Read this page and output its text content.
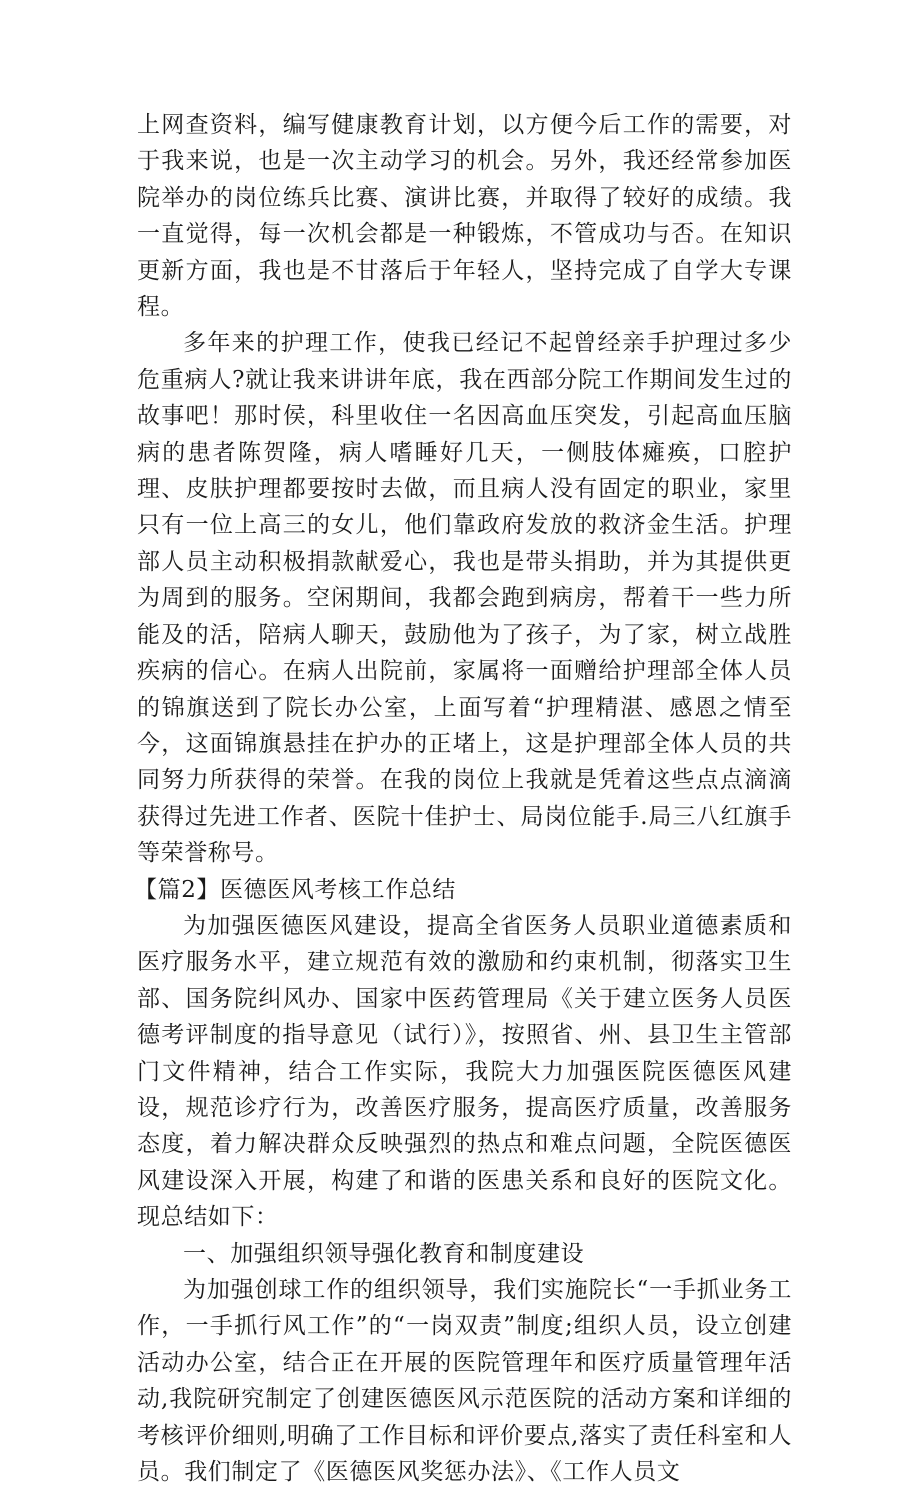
上网查资料，编写健康教育计划，以方便今后工作的需要，对于我来说，也是一次主动学习的机会。另外，我还经常参加医院举办的岗位练兵比赛、演讲比赛，并取得了较好的成绩。我一直觉得，每一次机会都是一种锻炼，不管成功与否。在知识更新方面，我也是不甘落后于年轻人，坚持完成了自学大专课程。

多年来的护理工作，使我已经记不起曾经亲手护理过多少危重病人?就让我来讲讲年底，我在西部分院工作期间发生过的故事吧！那时侯，科里收住一名因高血压突发，引起高血压脑病的患者陈贺隆，病人嗜睡好几天，一侧肢体瘫痪，口腔护理、皮肤护理都要按时去做，而且病人没有固定的职业，家里只有一位上高三的女儿，他们靠政府发放的救济金生活。护理部人员主动积极捐款献爱心，我也是带头捐助，并为其提供更为周到的服务。空闲期间，我都会跑到病房，帮着干一些力所能及的活，陪病人聊天，鼓励他为了孩子，为了家，树立战胜疾病的信心。在病人出院前，家属将一面赠给护理部全体人员的锦旗送到了院长办公室，上面写着“护理精湛、感恩之情至今，这面锦旗悬挂在护办的正堵上，这是护理部全体人员的共同努力所获得的荣誉。在我的岗位上我就是凭着这些点点滴滴获得过先进工作者、医院十佳护士、局岗位能手.局三八红旗手等荣誉称号。

【篇2】医德医风考核工作总结

为加强医德医风建设，提高全省医务人员职业道德素质和医疗服务水平，建立规范有效的激励和约束机制，彻落实卫生部、国务院纠风办、国家中医药管理局《关于建立医务人员医德考评制度的指导意见（试行）》，按照省、州、县卫生主管部门文件精神，结合工作实际，我院大力加强医院医德医风建设，规范诊疗行为，改善医疗服务，提高医疗质量，改善服务态度，着力解决群众反映强烈的热点和难点问题，全院医德医风建设深入开展，构建了和谐的医患关系和良好的医院文化。现总结如下：

一、加强组织领导强化教育和制度建设

为加强创球工作的组织领导，我们实施院长“一手抓业务工作，一手抓行风工作”的“一岗双责”制度;组织人员，设立创建活动办公室，结合正在开展的医院管理年和医疗质量管理年活动,我院研究制定了创建医德医风示范医院的活动方案和详细的考核评价细则,明确了工作目标和评价要点,落实了责任科室和人员。我们制定了《医德医风奖惩办法》、《工作人员文
